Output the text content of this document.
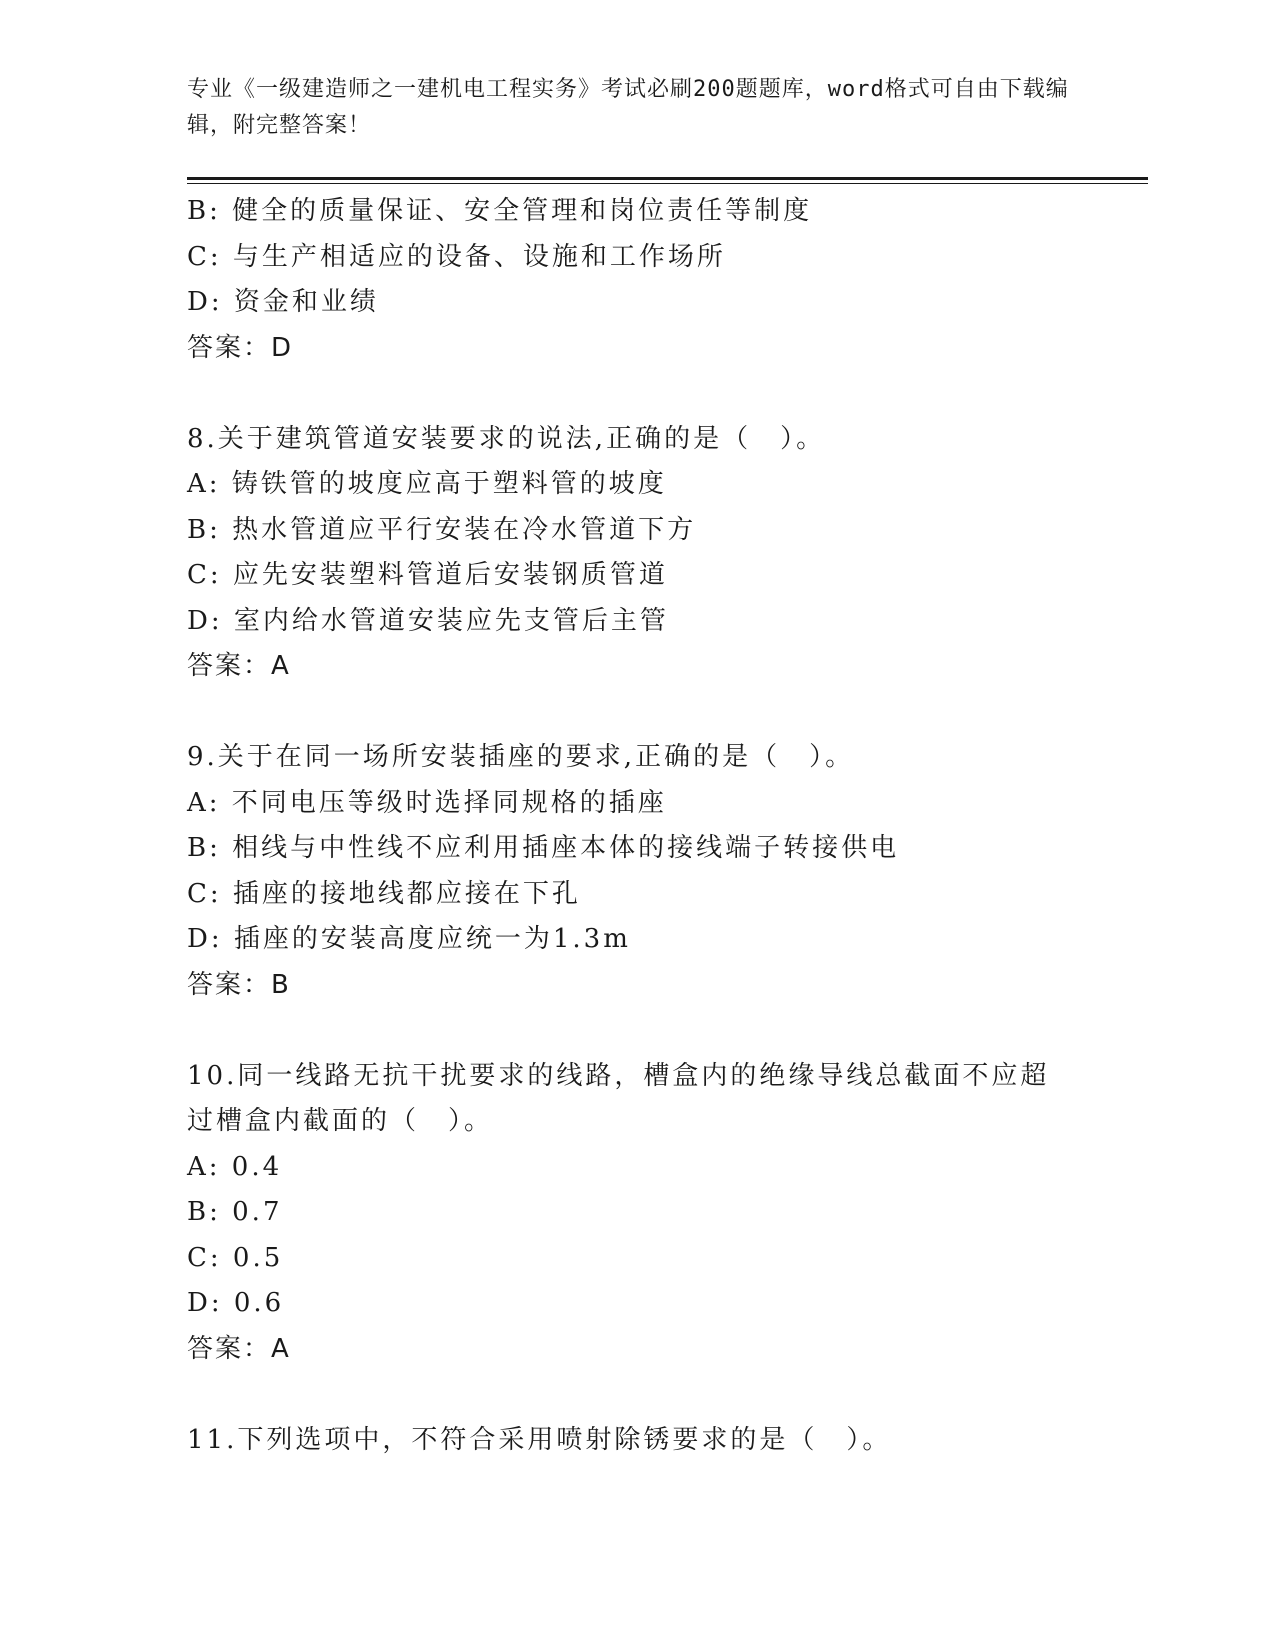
专业《一级建造师之一建机电工程实务》考试必刷200题题库，word格式可自由下载编辑，附完整答案！
B: 健全的质量保证、安全管理和岗位责任等制度
C: 与生产相适应的设备、设施和工作场所
D: 资金和业绩
答案：D
8.关于建筑管道安装要求的说法,正确的是（　）。
A: 铸铁管的坡度应高于塑料管的坡度
B: 热水管道应平行安装在冷水管道下方
C: 应先安装塑料管道后安装钢质管道
D: 室内给水管道安装应先支管后主管
答案：A
9.关于在同一场所安装插座的要求,正确的是（　）。
A: 不同电压等级时选择同规格的插座
B: 相线与中性线不应利用插座本体的接线端子转接供电
C: 插座的接地线都应接在下孔
D: 插座的安装高度应统一为1.3m
答案：B
10.同一线路无抗干扰要求的线路，槽盒内的绝缘导线总截面不应超过槽盒内截面的（　）。
A: 0.4
B: 0.7
C: 0.5
D: 0.6
答案：A
11.下列选项中，不符合采用喷射除锈要求的是（　）。
